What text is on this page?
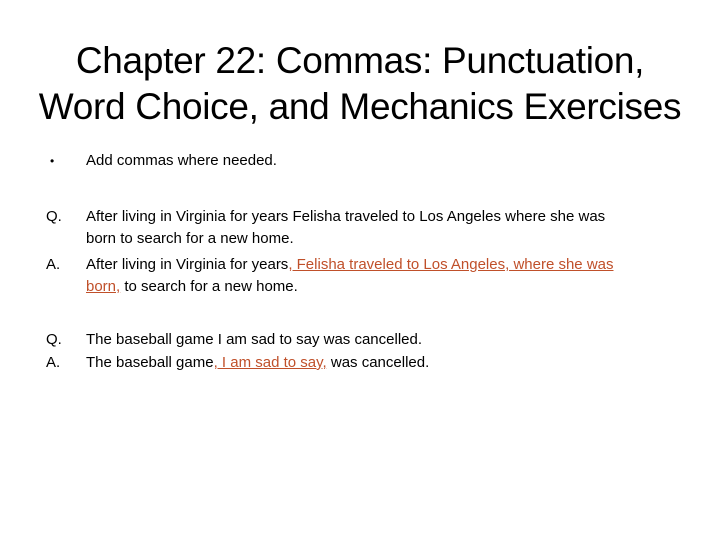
Chapter 22: Commas: Punctuation,
Word Choice, and Mechanics Exercises
•	Add commas where needed.
Q.	After living in Virginia for years Felisha traveled to Los Angeles where she was
born to search for a new home.
A.	After living in Virginia for years, Felisha traveled to Los Angeles, where she was
born, to search for a new home.
Q.	The baseball game I am sad to say was cancelled.
A.	The baseball game, I am sad to say, was cancelled.
